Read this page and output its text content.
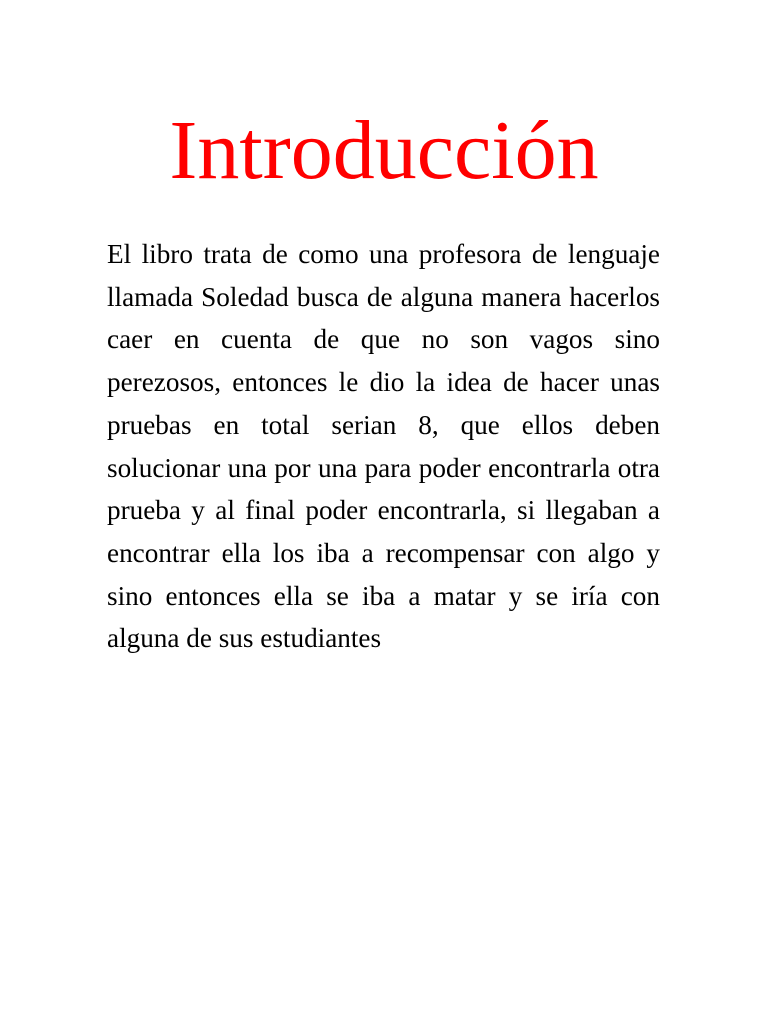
Introducción

El libro trata de como una profesora de lenguaje llamada Soledad busca de alguna manera hacerlos caer en cuenta de que no son vagos sino perezosos, entonces le dio la idea de hacer unas pruebas en total serian 8, que ellos deben solucionar una por una para poder encontrarla otra prueba y al final poder encontrarla, si llegaban a encontrar ella los iba a recompensar con algo y sino entonces ella se iba a matar y se iría con alguna de sus estudiantes
